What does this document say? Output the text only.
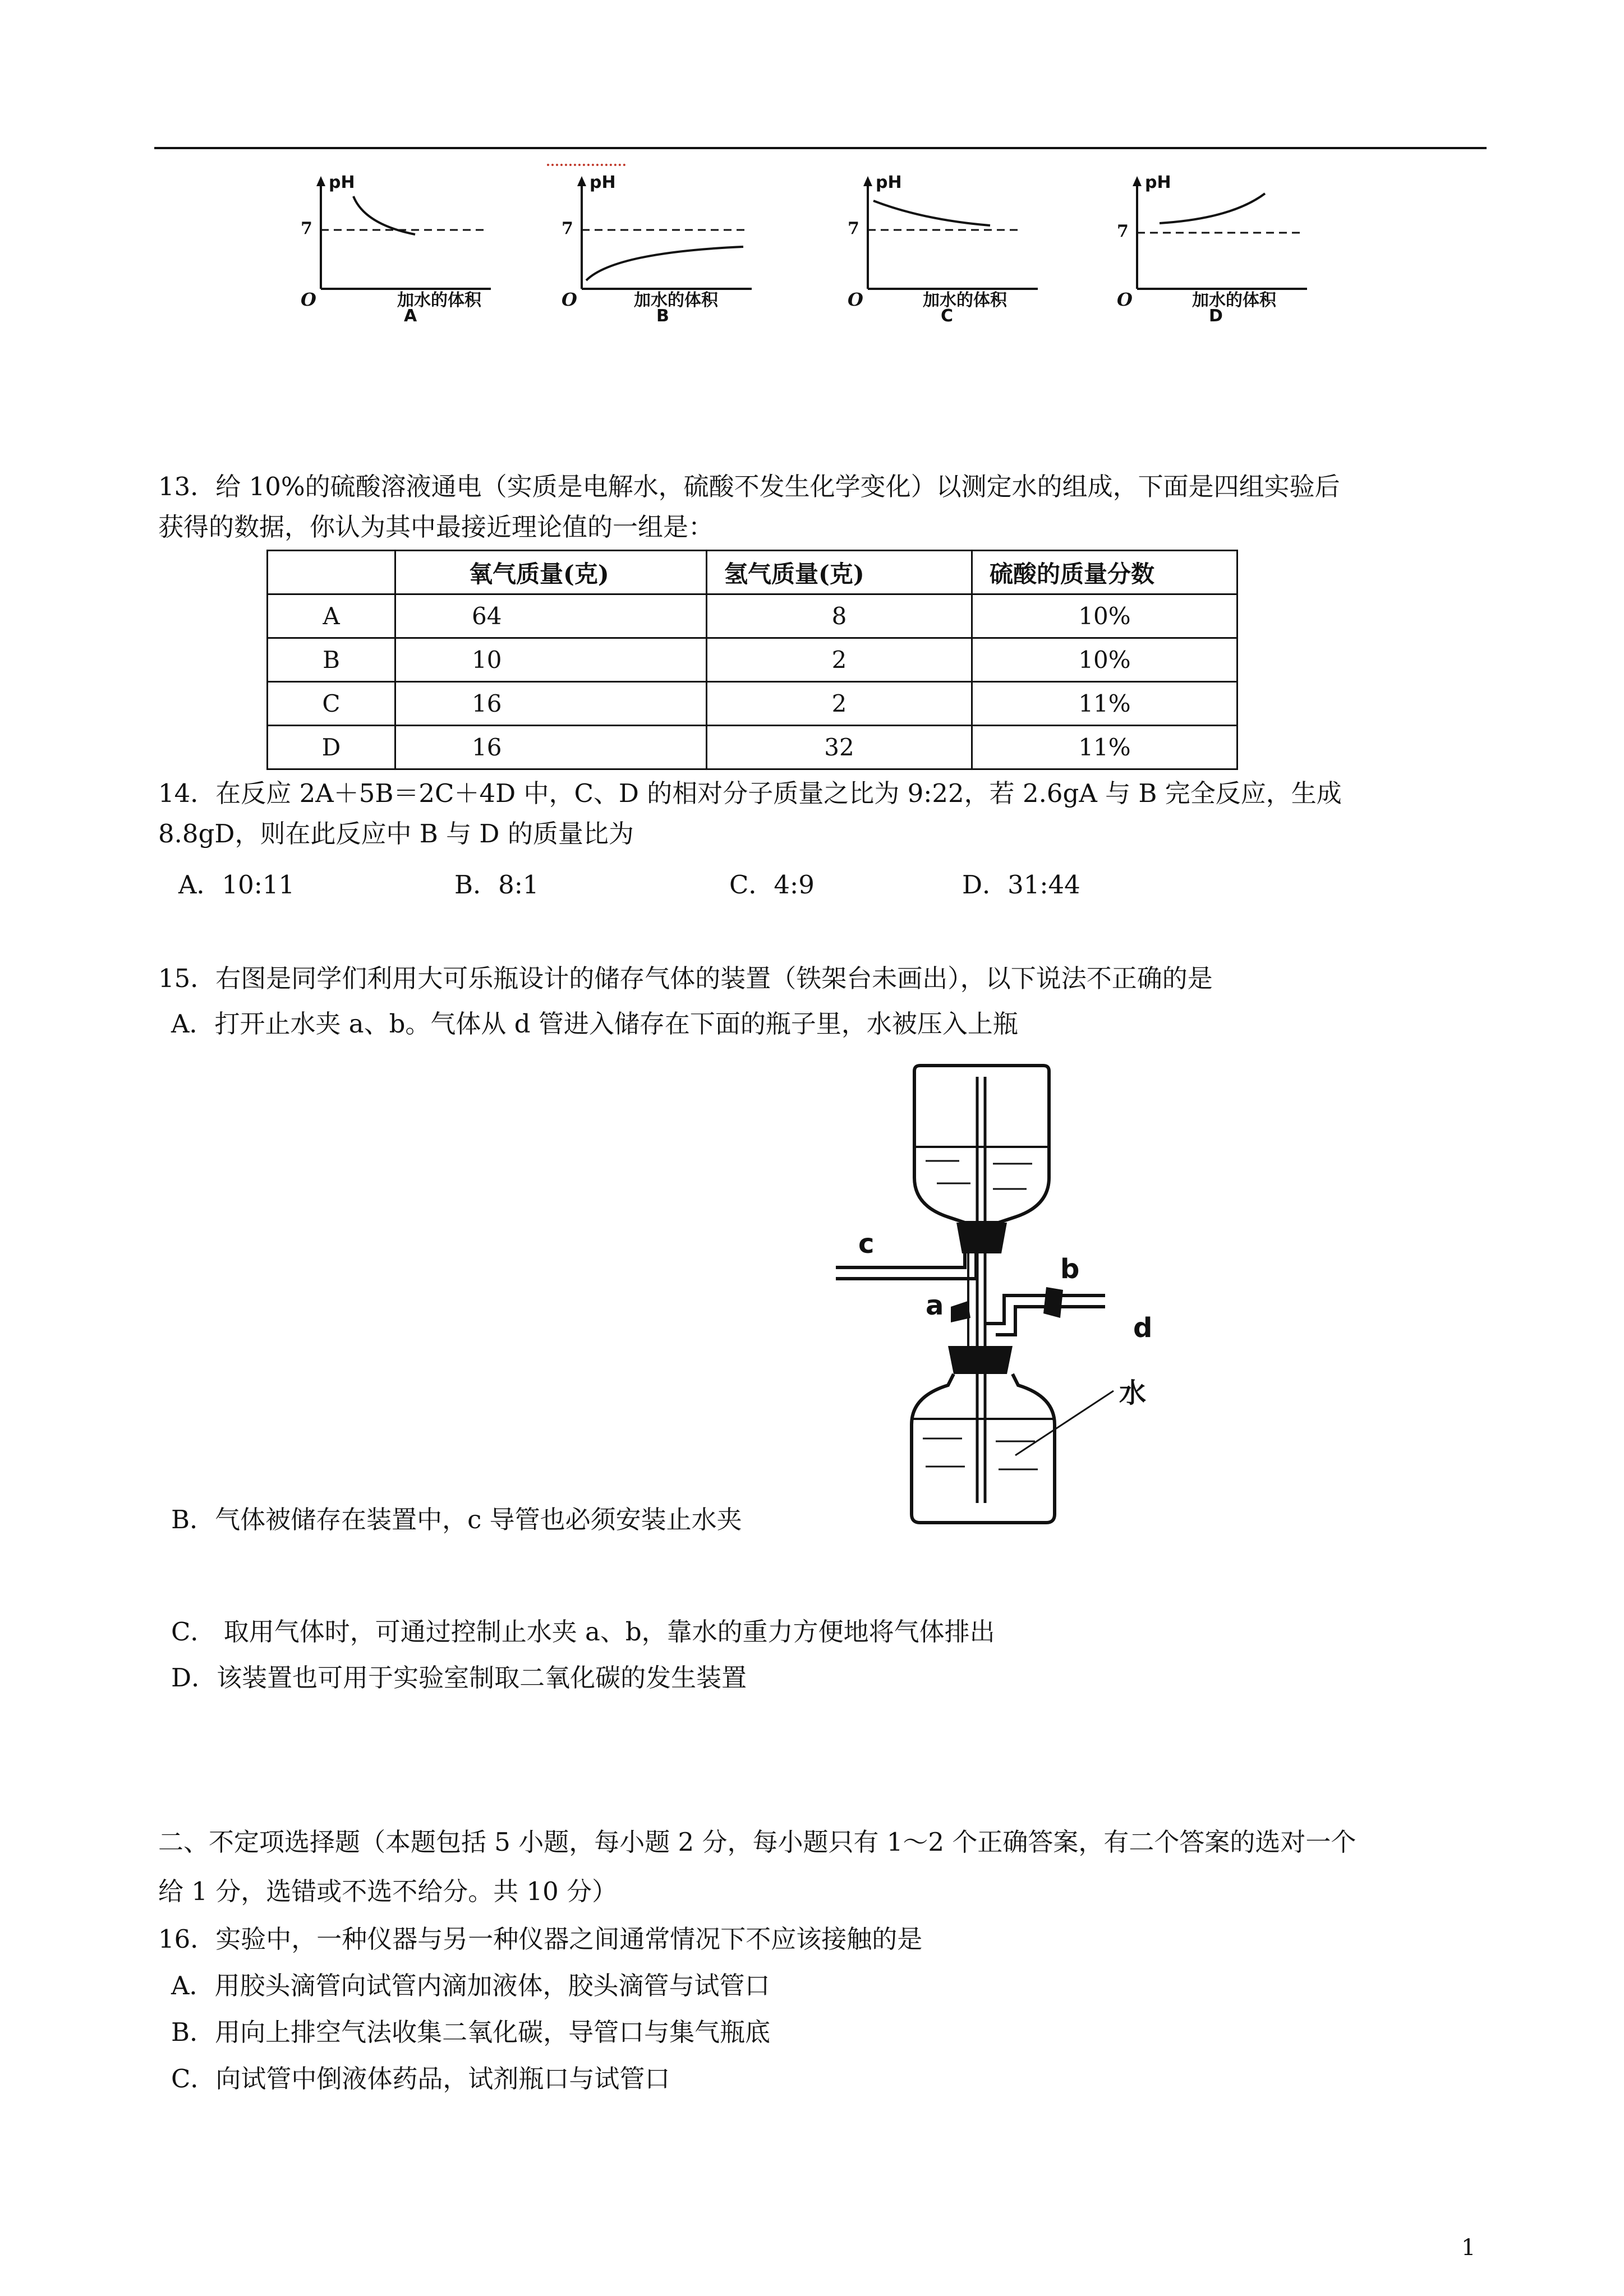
pH
7
O	加水的体积
A
pH
7
O	加水的体积
B
pH
7
O	加水的体积
C
pH
7
O	加水的体积
D
13．给 10%的硫酸溶液通电（实质是电解水，硫酸不发生化学变化）以测定水的组成，下面是四组实验后
获得的数据，你认为其中最接近理论值的一组是：
	氧气质量(克)	氢气质量(克)	硫酸的质量分数
A	64	8	10%
B	10	2	10%
C	16	2	11%
D	16	32	11%
14．在反应 2A＋5B＝2C＋4D 中，C、D 的相对分子质量之比为 9:22，若 2.6gA 与 B 完全反应，生成
8.8gD，则在此反应中 B 与 D 的质量比为
A．10:11	B．8:1	C．4:9	D．31:44
15．右图是同学们利用大可乐瓶设计的储存气体的装置（铁架台未画出），以下说法不正确的是
A．打开止水夹 a、b。气体从 d 管进入储存在下面的瓶子里，水被压入上瓶
c
a
b
d
水
B．气体被储存在装置中，c 导管也必须安装止水夹
C． 取用气体时，可通过控制止水夹 a、b，靠水的重力方便地将气体排出
D．该装置也可用于实验室制取二氧化碳的发生装置
二、不定项选择题（本题包括 5 小题，每小题 2 分，每小题只有 1～2 个正确答案，有二个答案的选对一个
给 1 分，选错或不选不给分。共 10 分）
16．实验中，一种仪器与另一种仪器之间通常情况下不应该接触的是
A．用胶头滴管向试管内滴加液体，胶头滴管与试管口
B．用向上排空气法收集二氧化碳，导管口与集气瓶底
C．向试管中倒液体药品，试剂瓶口与试管口
1
